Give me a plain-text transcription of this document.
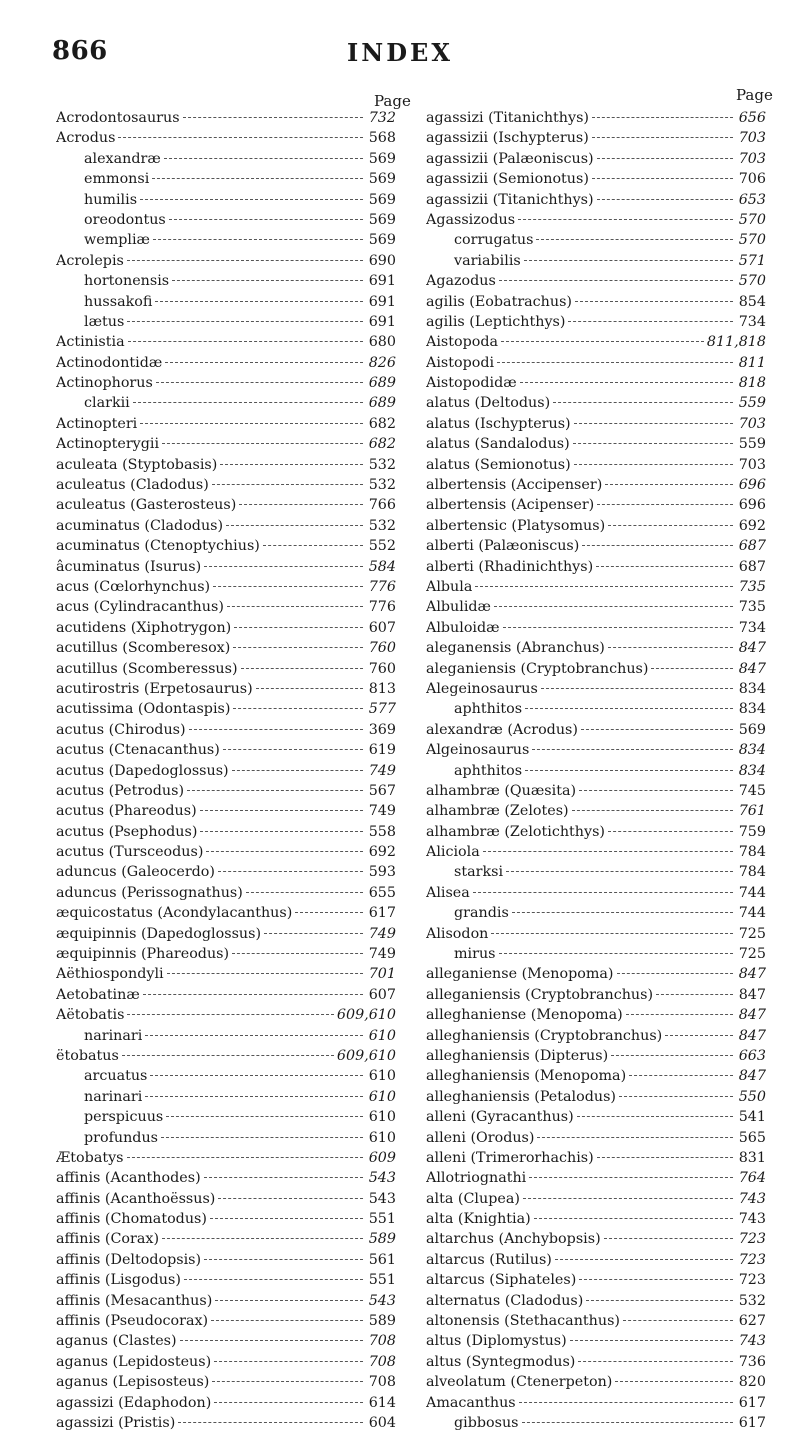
866	INDEX
Page
Acrodontosaurus	732
Acrodus	568
alexandræ	569
emmonsi	569
humilis	569
oreodontus	569
wempliæ	569
Acrolepis	690
hortonensis	691
hussakofi	691
lætus	691
Actinistia	680
Actinodontidæ	826
Actinophorus	689
clarkii	689
Actinopteri	682
Actinopterygii	682
aculeata (Styptobasis)	532
aculeatus (Cladodus)	532
aculeatus (Gasterosteus)	766
acuminatus (Cladodus)	532
acuminatus (Ctenoptychius)	552
âcuminatus (Isurus)	584
acus (Cœlorhynchus)	776
acus (Cylindracanthus)	776
acutidens (Xiphotrygon)	607
acutillus (Scomberesox)	760
acutillus (Scomberessus)	760
acutirostris (Erpetosaurus)	813
acutissima (Odontaspis)	577
acutus (Chirodus)	369
acutus (Ctenacanthus)	619
acutus (Dapedoglossus)	749
acutus (Petrodus)	567
acutus (Phareodus)	749
acutus (Psephodus)	558
acutus (Tursceodus)	692
aduncus (Galeocerdo)	593
aduncus (Perissognathus)	655
æquicostatus (Acondylacanthus)	617
æquipinnis (Dapedoglossus)	749
æquipinnis (Phareodus)	749
Aëthiospondyli	701
Aetobatinæ	607
Aëtobatis	609,610
narinari	610
ëtobatus	609,610
arcuatus	610
narinari	610
perspicuus	610
profundus	610
Ætobatys	609
affinis (Acanthodes)	543
affinis (Acanthoëssus)	543
affinis (Chomatodus)	551
affinis (Corax)	589
affinis (Deltodopsis)	561
affinis (Lisgodus)	551
affinis (Mesacanthus)	543
affinis (Pseudocorax)	589
aganus (Clastes)	708
aganus (Lepidosteus)	708
aganus (Lepisosteus)	708
agassizi (Edaphodon)	614
agassizi (Pristis)	604
Page
agassizi (Titanichthys)	656
agassizii (Ischypterus)	703
agassizii (Palæoniscus)	703
agassizii (Semionotus)	706
agassizii (Titanichthys)	653
Agassizodus	570
corrugatus	570
variabilis	571
Agazodus	570
agilis (Eobatrachus)	854
agilis (Leptichthys)	734
Aistopoda	811,818
Aistopodi	811
Aistopodidæ	818
alatus (Deltodus)	559
alatus (Ischypterus)	703
alatus (Sandalodus)	559
alatus (Semionotus)	703
albertensis (Accipenser)	696
albertensis (Acipenser)	696
albertensic (Platysomus)	692
alberti (Palæoniscus)	687
alberti (Rhadinichthys)	687
Albula	735
Albulidæ	735
Albuloidæ	734
aleganensis (Abranchus)	847
aleganiensis (Cryptobranchus)	847
Alegeinosaurus	834
aphthitos	834
alexandræ (Acrodus)	569
Algeinosaurus	834
aphthitos	834
alhambræ (Quæsita)	745
alhambræ (Zelotes)	761
alhambræ (Zelotichthys)	759
Aliciola	784
starksi	784
Alisea	744
grandis	744
Alisodon	725
mirus	725
alleganiense (Menopoma)	847
alleganiensis (Cryptobranchus)	847
alleghaniense (Menopoma)	847
alleghaniensis (Cryptobranchus)	847
alleghaniensis (Dipterus)	663
alleghaniensis (Menopoma)	847
alleghaniensis (Petalodus)	550
alleni (Gyracanthus)	541
alleni (Orodus)	565
alleni (Trimerorhachis)	831
Allotriognathi	764
alta (Clupea)	743
alta (Knightia)	743
altarchus (Anchybopsis)	723
altarcus (Rutilus)	723
altarcus (Siphateles)	723
alternatus (Cladodus)	532
altonensis (Stethacanthus)	627
altus (Diplomystus)	743
altus (Syntegmodus)	736
alveolatum (Ctenerpeton)	820
Amacanthus	617
gibbosus	617
